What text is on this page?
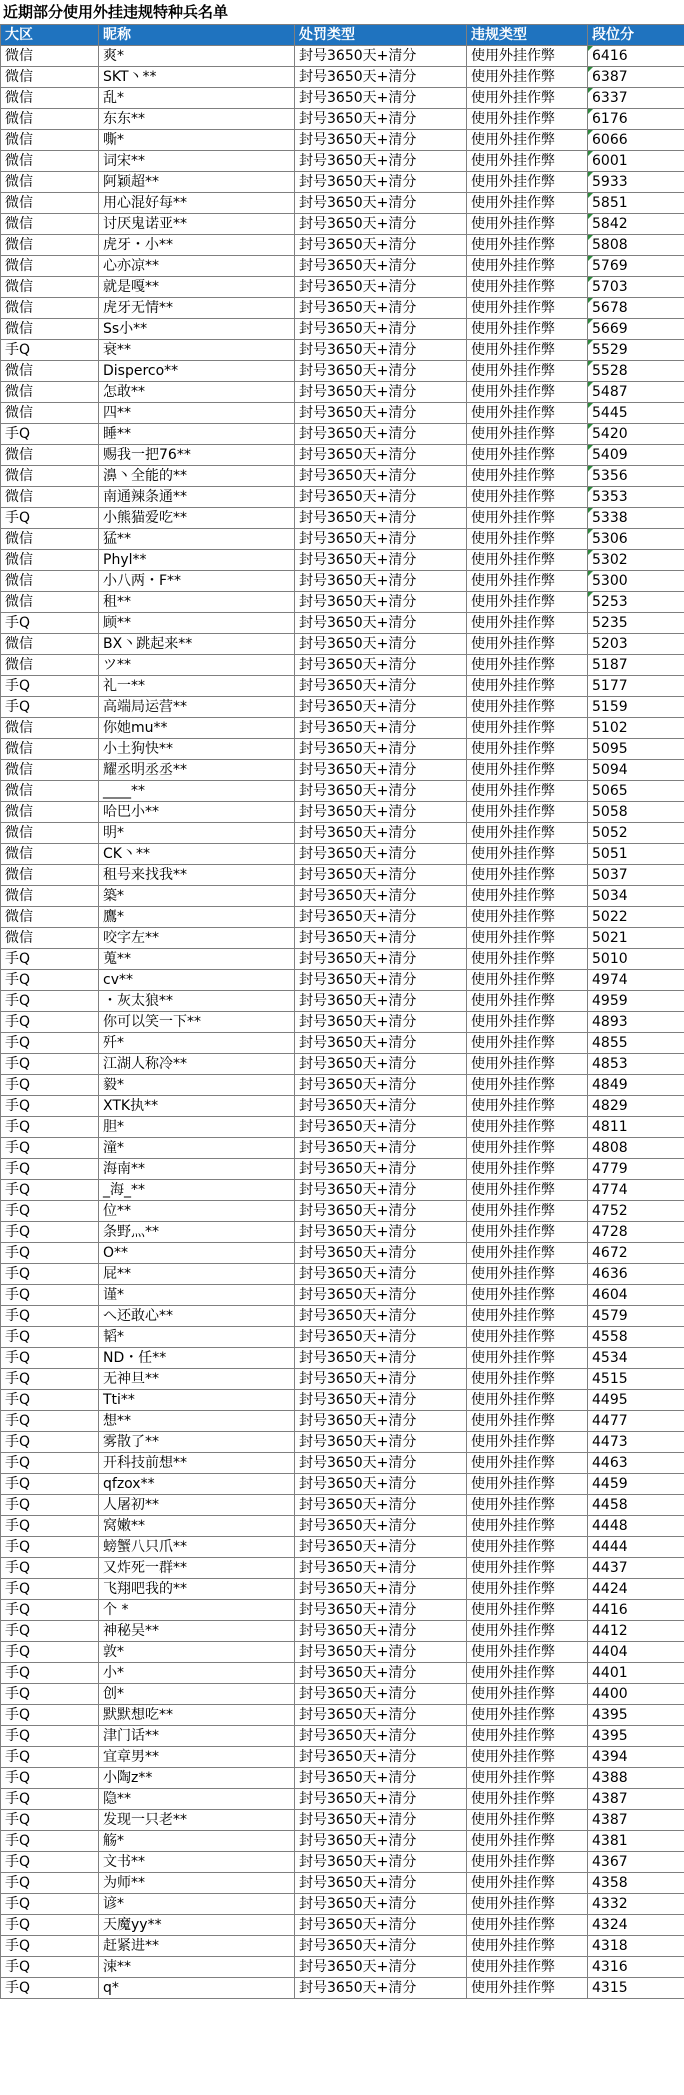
近期部分使用外挂违规特种兵名单
大区	昵称	处罚类型	违规类型	段位分
微信	爽*	封号3650天+清分	使用外挂作弊	6416
微信	SKT丶**	封号3650天+清分	使用外挂作弊	6387
微信	乱*	封号3650天+清分	使用外挂作弊	6337
微信	东东**	封号3650天+清分	使用外挂作弊	6176
微信	嘶*	封号3650天+清分	使用外挂作弊	6066
微信	词宋**	封号3650天+清分	使用外挂作弊	6001
微信	阿颖超**	封号3650天+清分	使用外挂作弊	5933
微信	用心混好每**	封号3650天+清分	使用外挂作弊	5851
微信	讨厌鬼诺亚**	封号3650天+清分	使用外挂作弊	5842
微信	虎牙・小**	封号3650天+清分	使用外挂作弊	5808
微信	心亦凉**	封号3650天+清分	使用外挂作弊	5769
微信	就是嘎**	封号3650天+清分	使用外挂作弊	5703
微信	虎牙无情**	封号3650天+清分	使用外挂作弊	5678
微信	Ss小**	封号3650天+清分	使用外挂作弊	5669
手Q	衰**	封号3650天+清分	使用外挂作弊	5529
微信	Disperco**	封号3650天+清分	使用外挂作弊	5528
微信	怎敢**	封号3650天+清分	使用外挂作弊	5487
微信	四**	封号3650天+清分	使用外挂作弊	5445
手Q	睡**	封号3650天+清分	使用外挂作弊	5420
微信	赐我一把76**	封号3650天+清分	使用外挂作弊	5409
微信	濞丶全能的**	封号3650天+清分	使用外挂作弊	5356
微信	南通辣条通**	封号3650天+清分	使用外挂作弊	5353
手Q	小熊猫爱吃**	封号3650天+清分	使用外挂作弊	5338
微信	猛**	封号3650天+清分	使用外挂作弊	5306
微信	Phyl**	封号3650天+清分	使用外挂作弊	5302
微信	小八两・F**	封号3650天+清分	使用外挂作弊	5300
微信	租**	封号3650天+清分	使用外挂作弊	5253
手Q	顾**	封号3650天+清分	使用外挂作弊	5235
微信	BX丶跳起来**	封号3650天+清分	使用外挂作弊	5203
微信	ツ**	封号3650天+清分	使用外挂作弊	5187
手Q	礼一**	封号3650天+清分	使用外挂作弊	5177
手Q	高端局运营**	封号3650天+清分	使用外挂作弊	5159
微信	你她mu**	封号3650天+清分	使用外挂作弊	5102
微信	小土狗快**	封号3650天+清分	使用外挂作弊	5095
微信	耀丞明丞丞**	封号3650天+清分	使用外挂作弊	5094
微信	____**	封号3650天+清分	使用外挂作弊	5065
微信	哈巴小**	封号3650天+清分	使用外挂作弊	5058
微信	明*	封号3650天+清分	使用外挂作弊	5052
微信	CK丶**	封号3650天+清分	使用外挂作弊	5051
微信	租号来找我**	封号3650天+清分	使用外挂作弊	5037
微信	築*	封号3650天+清分	使用外挂作弊	5034
微信	鷹*	封号3650天+清分	使用外挂作弊	5022
微信	咬字左**	封号3650天+清分	使用外挂作弊	5021
手Q	蒐**	封号3650天+清分	使用外挂作弊	5010
手Q	cv**	封号3650天+清分	使用外挂作弊	4974
手Q	・灰太狼**	封号3650天+清分	使用外挂作弊	4959
手Q	你可以笑一下**	封号3650天+清分	使用外挂作弊	4893
手Q	歼*	封号3650天+清分	使用外挂作弊	4855
手Q	江湖人称冷**	封号3650天+清分	使用外挂作弊	4853
手Q	毅*	封号3650天+清分	使用外挂作弊	4849
手Q	XTK执**	封号3650天+清分	使用外挂作弊	4829
手Q	胆*	封号3650天+清分	使用外挂作弊	4811
手Q	潼*	封号3650天+清分	使用外挂作弊	4808
手Q	海南**	封号3650天+清分	使用外挂作弊	4779
手Q	_海_**	封号3650天+清分	使用外挂作弊	4774
手Q	位**	封号3650天+清分	使用外挂作弊	4752
手Q	条野灬**	封号3650天+清分	使用外挂作弊	4728
手Q	O**	封号3650天+清分	使用外挂作弊	4672
手Q	屁**	封号3650天+清分	使用外挂作弊	4636
手Q	谨*	封号3650天+清分	使用外挂作弊	4604
手Q	へ还敢心**	封号3650天+清分	使用外挂作弊	4579
手Q	韬*	封号3650天+清分	使用外挂作弊	4558
手Q	ND・任**	封号3650天+清分	使用外挂作弊	4534
手Q	无神旦**	封号3650天+清分	使用外挂作弊	4515
手Q	Tti**	封号3650天+清分	使用外挂作弊	4495
手Q	想**	封号3650天+清分	使用外挂作弊	4477
手Q	雾散了**	封号3650天+清分	使用外挂作弊	4473
手Q	开科技前想**	封号3650天+清分	使用外挂作弊	4463
手Q	qfzox**	封号3650天+清分	使用外挂作弊	4459
手Q	人屠初**	封号3650天+清分	使用外挂作弊	4458
手Q	窝嫩**	封号3650天+清分	使用外挂作弊	4448
手Q	螃蟹八只爪**	封号3650天+清分	使用外挂作弊	4444
手Q	又炸死一群**	封号3650天+清分	使用外挂作弊	4437
手Q	飞翔吧我的**	封号3650天+清分	使用外挂作弊	4424
手Q	个 *	封号3650天+清分	使用外挂作弊	4416
手Q	神秘吴**	封号3650天+清分	使用外挂作弊	4412
手Q	敦*	封号3650天+清分	使用外挂作弊	4404
手Q	小*	封号3650天+清分	使用外挂作弊	4401
手Q	创*	封号3650天+清分	使用外挂作弊	4400
手Q	默默想吃**	封号3650天+清分	使用外挂作弊	4395
手Q	津门话**	封号3650天+清分	使用外挂作弊	4395
手Q	宜章男**	封号3650天+清分	使用外挂作弊	4394
手Q	小陶z**	封号3650天+清分	使用外挂作弊	4388
手Q	隐**	封号3650天+清分	使用外挂作弊	4387
手Q	发现一只老**	封号3650天+清分	使用外挂作弊	4387
手Q	觞*	封号3650天+清分	使用外挂作弊	4381
手Q	文书**	封号3650天+清分	使用外挂作弊	4367
手Q	为师**	封号3650天+清分	使用外挂作弊	4358
手Q	谚*	封号3650天+清分	使用外挂作弊	4332
手Q	天魔yy**	封号3650天+清分	使用外挂作弊	4324
手Q	赶紧进**	封号3650天+清分	使用外挂作弊	4318
手Q	涑**	封号3650天+清分	使用外挂作弊	4316
手Q	q*	封号3650天+清分	使用外挂作弊	4315
